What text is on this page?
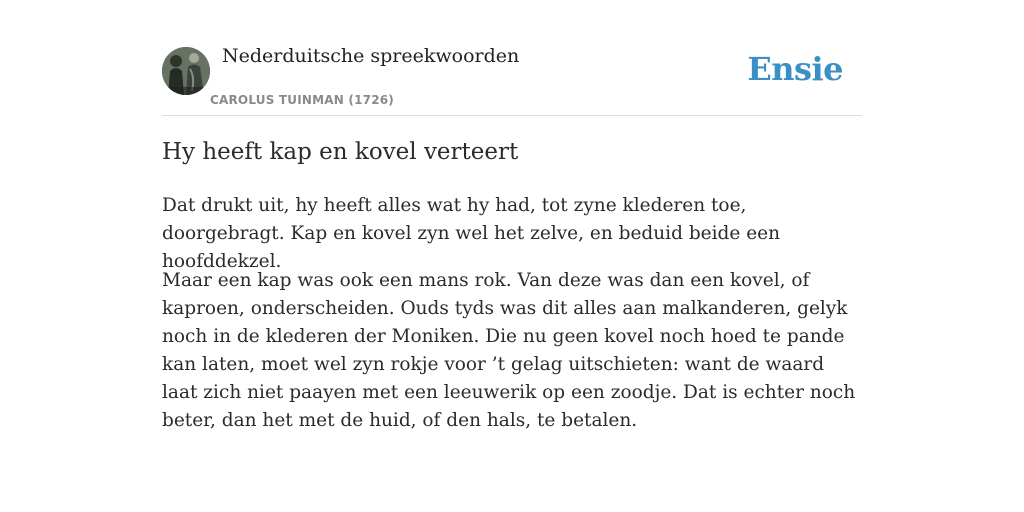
Nederduitsche spreekwoorden
CAROLUS TUINMAN (1726)
Ensie
Hy heeft kap en kovel verteert

Dat drukt uit, hy heeft alles wat hy had, tot zyne klederen toe, doorgebragt. Kap en kovel zyn wel het zelve, en beduid beide een hoofddekzel.

Maar een kap was ook een mans rok. Van deze was dan een kovel, of kaproen, onderscheiden. Ouds tyds was dit alles aan malkanderen, gelyk noch in de klederen der Moniken. Die nu geen kovel noch hoed te pande kan laten, moet wel zyn rokje voor ’t gelag uitschieten: want de waard laat zich niet paayen met een leeuwerik op een zoodje. Dat is echter noch beter, dan het met de huid, of den hals, te betalen.
